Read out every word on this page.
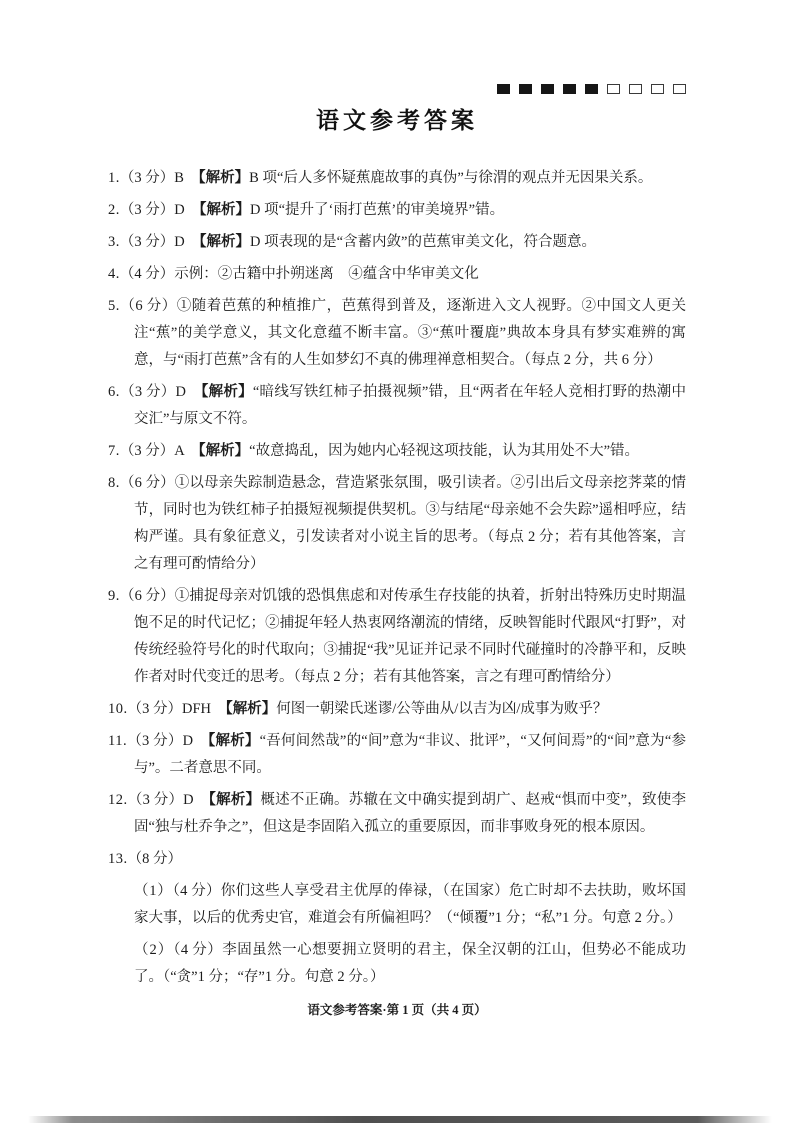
语文参考答案
1.（3 分）B　【解析】B 项“后人多怀疑蕉鹿故事的真伪”与徐渭的观点并无因果关系。
2.（3 分）D　【解析】D 项“提升了‘雨打芭蕉’的审美境界”错。
3.（3 分）D　【解析】D 项表现的是“含蓄内敛”的芭蕉审美文化，符合题意。
4.（4 分）示例：②古籍中扑朔迷离　④蕴含中华审美文化
5.（6 分）①随着芭蕉的种植推广，芭蕉得到普及，逐渐进入文人视野。②中国文人更关注“蕉”的美学意义，其文化意蕴不断丰富。③“蕉叶覆鹿”典故本身具有梦实难辨的寓意，与“雨打芭蕉”含有的人生如梦幻不真的佛理禅意相契合。（每点 2 分，共 6 分）
6.（3 分）D　【解析】“暗线写铁红柿子拍摄视频”错，且“两者在年轻人竞相打野的热潮中交汇”与原文不符。
7.（3 分）A　【解析】“故意捣乱，因为她内心轻视这项技能，认为其用处不大”错。
8.（6 分）①以母亲失踪制造悬念，营造紧张氛围，吸引读者。②引出后文母亲挖荠菜的情节，同时也为铁红柿子拍摄短视频提供契机。③与结尾“母亲她不会失踪”遥相呼应，结构严谨。具有象征意义，引发读者对小说主旨的思考。（每点 2 分；若有其他答案，言之有理可酌情给分）
9.（6 分）①捕捉母亲对饥饿的恐惧焦虑和对传承生存技能的执着，折射出特殊历史时期温饱不足的时代记忆；②捕捉年轻人热衷网络潮流的情绪，反映智能时代跟风“打野”，对传统经验符号化的时代取向；③捕捉“我”见证并记录不同时代碰撞时的冷静平和，反映作者对时代变迁的思考。（每点 2 分；若有其他答案，言之有理可酌情给分）
10.（3 分）DFH　【解析】何图一朝梁氏迷谬/公等曲从/以吉为凶/成事为败乎？
11.（3 分）D　【解析】“吾何间然哉”的“间”意为“非议、批评”，“又何间焉”的“间”意为“参与”。二者意思不同。
12.（3 分）D　【解析】概述不正确。苏辙在文中确实提到胡广、赵戒“惧而中变”，致使李固“独与杜乔争之”，但这是李固陷入孤立的重要原因，而非事败身死的根本原因。
13.（8 分）
（1）（4 分）你们这些人享受君主优厚的俸禄，（在国家）危亡时却不去扶助，败坏国家大事，以后的优秀史官，难道会有所偏袒吗？（“倾覆”1 分；“私”1 分。句意 2 分。）
（2）（4 分）李固虽然一心想要拥立贤明的君主，保全汉朝的江山，但势必不能成功了。（“贪”1 分；“存”1 分。句意 2 分。）
语文参考答案·第 1 页（共 4 页）
